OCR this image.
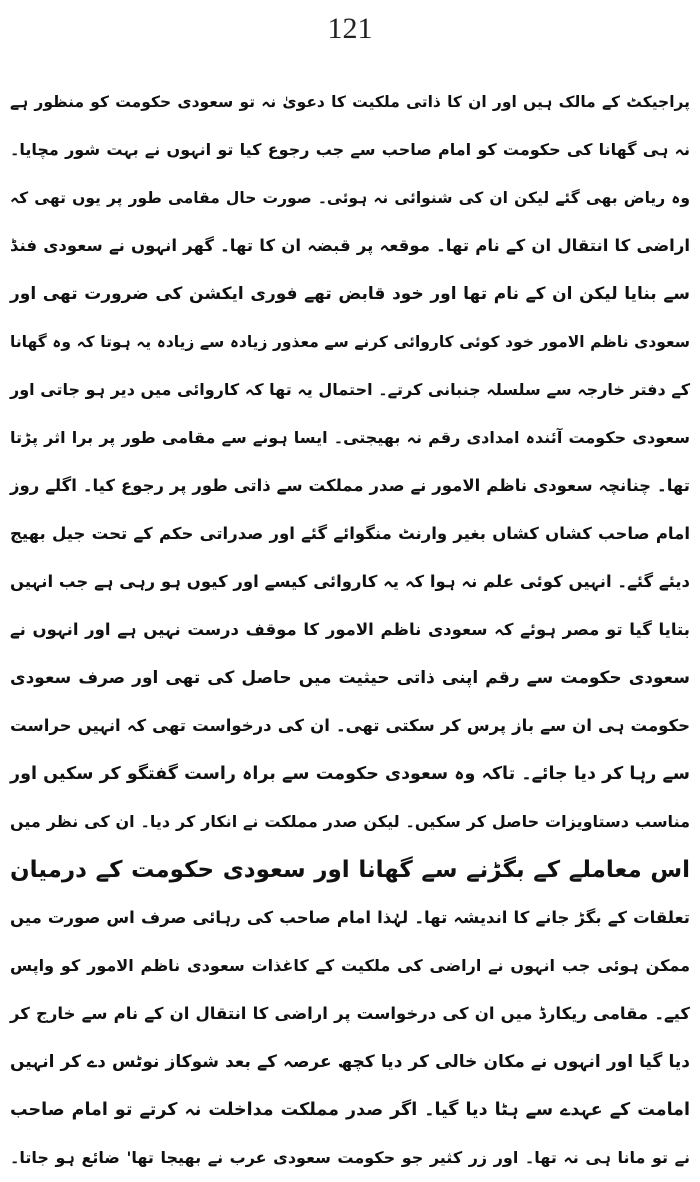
121
پراجیکٹ کے مالک ہیں اور ان کا ذاتی ملکیت کا دعویٰ نہ تو سعودی حکومت کو منظور ہے
نہ ہی گھانا کی حکومت کو امام صاحب سے جب رجوع کیا تو انہوں نے بہت شور مچایا۔
وہ ریاض بھی گئے لیکن ان کی شنوائی نہ ہوئی۔ صورت حال مقامی طور پر یوں تھی کہ
اراضی کا انتقال ان کے نام تھا۔ موقعہ پر قبضہ ان کا تھا۔ گھر انہوں نے سعودی فنڈ
سے بنایا لیکن ان کے نام تھا اور خود قابض تھے فوری ایکشن کی ضرورت تھی اور
سعودی ناظم الامور خود کوئی کاروائی کرنے سے معذور زیادہ سے زیادہ یہ ہوتا کہ وہ گھانا
کے دفتر خارجہ سے سلسلہ جنبانی کرتے۔ احتمال یہ تھا کہ کاروائی میں دیر ہو جاتی اور
سعودی حکومت آئندہ امدادی رقم نہ بھیجتی۔ ایسا ہونے سے مقامی طور پر برا اثر پڑتا
تھا۔ چنانچہ سعودی ناظم الامور نے صدر مملکت سے ذاتی طور پر رجوع کیا۔ اگلے روز
امام صاحب کشاں کشاں بغیر وارنٹ منگوائے گئے اور صدراتی حکم کے تحت جیل بھیج
دیئے گئے۔ انہیں کوئی علم نہ ہوا کہ یہ کاروائی کیسے اور کیوں ہو رہی ہے جب انہیں
بتایا گیا تو مصر ہوئے کہ سعودی ناظم الامور کا موقف درست نہیں ہے اور انہوں نے
سعودی حکومت سے رقم اپنی ذاتی حیثیت میں حاصل کی تھی اور صرف سعودی
حکومت ہی ان سے باز پرس کر سکتی تھی۔ ان کی درخواست تھی کہ انہیں حراست
سے رہا کر دیا جائے۔ تاکہ وہ سعودی حکومت سے براہ راست گفتگو کر سکیں اور
مناسب دستاویزات حاصل کر سکیں۔ لیکن صدر مملکت نے انکار کر دیا۔ ان کی نظر میں
اس معاملے کے بگڑنے سے گھانا اور سعودی حکومت کے درمیان
تعلقات کے بگڑ جانے کا اندیشہ تھا۔ لہٰذا امام صاحب کی رہائی صرف اس صورت میں
ممکن ہوئی جب انہوں نے اراضی کی ملکیت کے کاغذات سعودی ناظم الامور کو واپس
کیے۔ مقامی ریکارڈ میں ان کی درخواست پر اراضی کا انتقال ان کے نام سے خارج کر
دیا گیا اور انہوں نے مکان خالی کر دیا کچھ عرصہ کے بعد شوکاز نوٹس دے کر انہیں
امامت کے عہدے سے ہٹا دیا گیا۔ اگر صدر مملکت مداخلت نہ کرتے تو امام صاحب
نے تو مانا ہی نہ تھا۔ اور زر کثیر جو حکومت سعودی عرب نے بھیجا تھا' ضائع ہو جاتا۔
